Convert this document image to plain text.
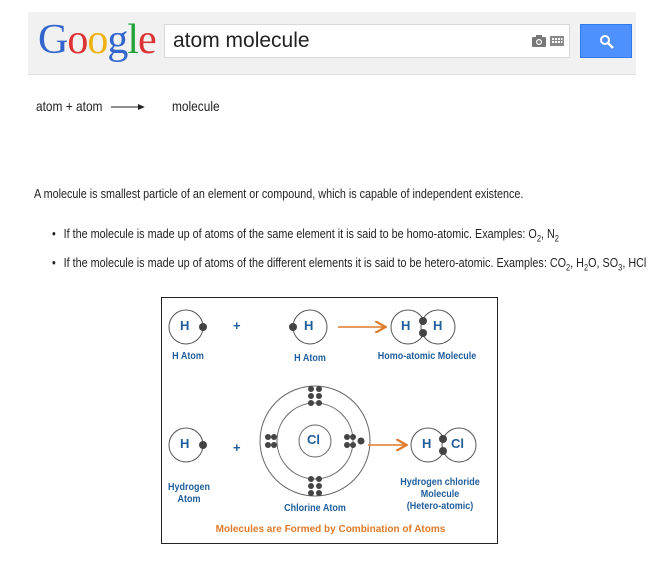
Google
atom molecule
atom + atom	molecule
A molecule is smallest particle of an element or compound, which is capable of independent existence.
• If the molecule is made up of atoms of the same element it is said to be homo-atomic. Examples: $O_2$, $N_2$
• If the molecule is made up of atoms of the different elements it is said to be hetero-atomic. Examples: $CO_2$, $H_2O$, $SO_3$, HCl
H	+	H	H H
H Atom	H Atom	Homo-atomic Molecule
H	+
Cl	H Cl
Hydrogen
Atom
Chlorine Atom
Hydrogen chloride
Molecule
(Hetero-atomic)
Molecules are Formed by Combination of Atoms
